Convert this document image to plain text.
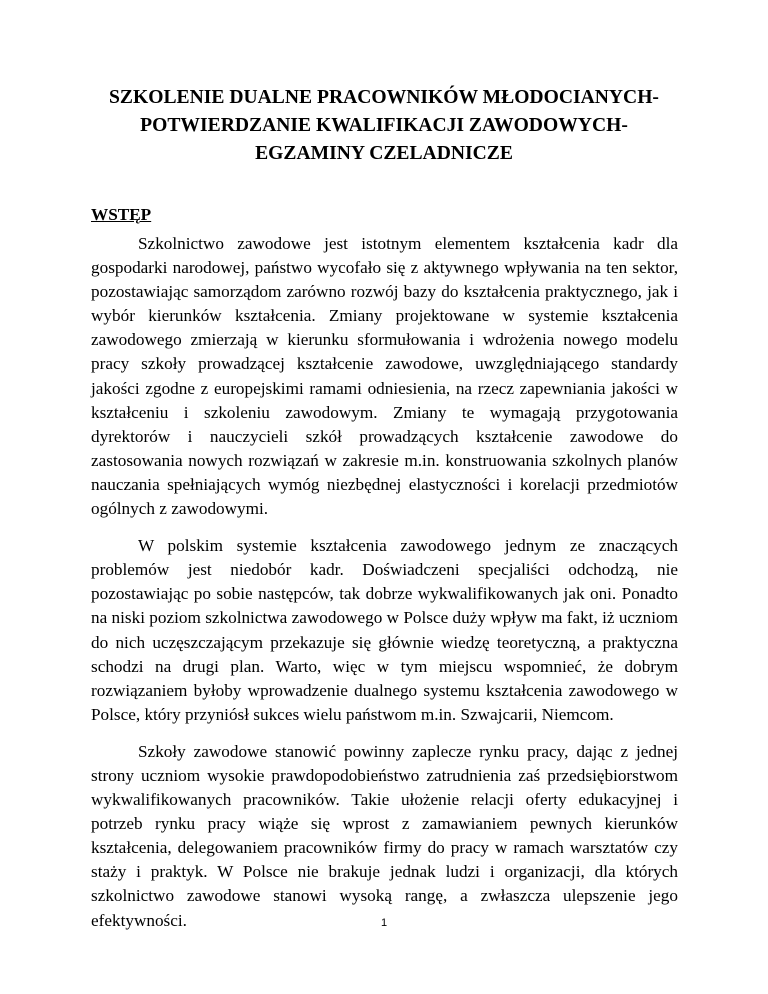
SZKOLENIE DUALNE PRACOWNIKÓW MŁODOCIANYCH-
POTWIERDZANIE KWALIFIKACJI ZAWODOWYCH-
EGZAMINY CZELADNICZE
WSTĘP

Szkolnictwo zawodowe jest istotnym elementem kształcenia kadr dla gospodarki narodowej, państwo wycofało się z aktywnego wpływania na ten sektor, pozostawiając samorządom zarówno rozwój bazy do kształcenia praktycznego, jak i wybór kierunków kształcenia. Zmiany projektowane w systemie kształcenia zawodowego zmierzają w kierunku sformułowania i wdrożenia nowego modelu pracy szkoły prowadzącej kształcenie zawodowe, uwzględniającego standardy jakości zgodne z europejskimi ramami odniesienia, na rzecz zapewniania jakości w kształceniu i szkoleniu zawodowym. Zmiany te wymagają przygotowania dyrektorów i nauczycieli szkół prowadzących kształcenie zawodowe do zastosowania nowych rozwiązań w zakresie m.in. konstruowania szkolnych planów nauczania spełniających wymóg niezbędnej elastyczności i korelacji przedmiotów ogólnych z zawodowymi.

W polskim systemie kształcenia zawodowego jednym ze znaczących problemów jest niedobór kadr. Doświadczeni specjaliści odchodzą, nie pozostawiając po sobie następców, tak dobrze wykwalifikowanych jak oni. Ponadto na niski poziom szkolnictwa zawodowego w Polsce duży wpływ ma fakt, iż uczniom do nich uczęszczającym przekazuje się głównie wiedzę teoretyczną, a praktyczna schodzi na drugi plan. Warto, więc w tym miejscu wspomnieć, że dobrym rozwiązaniem byłoby wprowadzenie dualnego systemu kształcenia zawodowego w Polsce, który przyniósł sukces wielu państwom m.in. Szwajcarii, Niemcom.

Szkoły zawodowe stanowić powinny zaplecze rynku pracy, dając z jednej strony uczniom wysokie prawdopodobieństwo zatrudnienia zaś przedsiębiorstwom wykwalifikowanych pracowników. Takie ułożenie relacji oferty edukacyjnej i potrzeb rynku pracy wiąże się wprost z zamawianiem pewnych kierunków kształcenia, delegowaniem pracowników firmy do pracy w ramach warsztatów czy staży i praktyk. W Polsce nie brakuje jednak ludzi i organizacji, dla których szkolnictwo zawodowe stanowi wysoką rangę, a zwłaszcza ulepszenie jego efektywności.	1
